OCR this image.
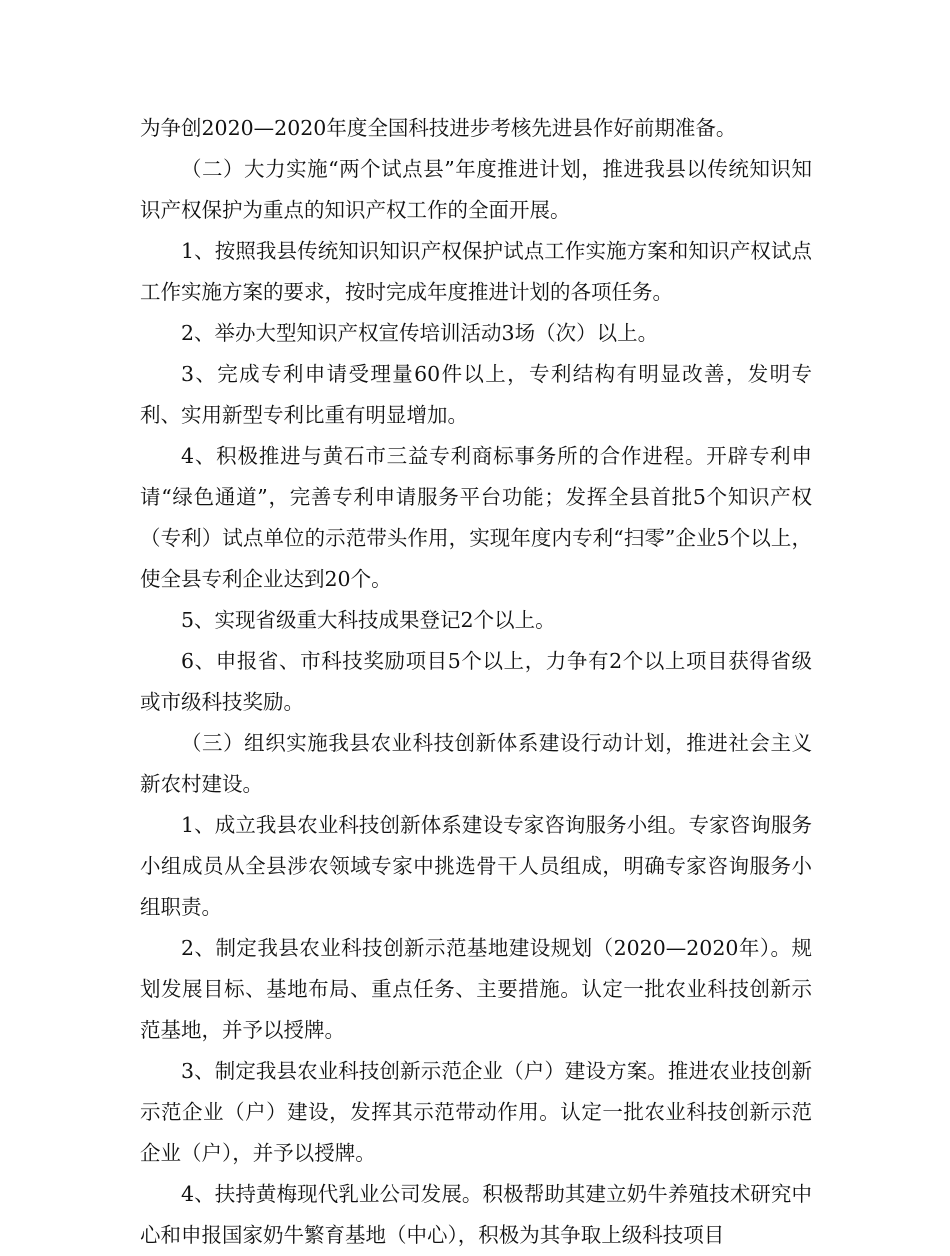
为争创2020—2020年度全国科技进步考核先进县作好前期准备。

（二）大力实施“两个试点县”年度推进计划，推进我县以传统知识知识产权保护为重点的知识产权工作的全面开展。

1、按照我县传统知识知识产权保护试点工作实施方案和知识产权试点工作实施方案的要求，按时完成年度推进计划的各项任务。

2、举办大型知识产权宣传培训活动3场（次）以上。

3、完成专利申请受理量60件以上，专利结构有明显改善，发明专利、实用新型专利比重有明显增加。

4、积极推进与黄石市三益专利商标事务所的合作进程。开辟专利申请“绿色通道”，完善专利申请服务平台功能；发挥全县首批5个知识产权（专利）试点单位的示范带头作用，实现年度内专利“扫零”企业5个以上，使全县专利企业达到20个。

5、实现省级重大科技成果登记2个以上。

6、申报省、市科技奖励项目5个以上，力争有2个以上项目获得省级或市级科技奖励。

（三）组织实施我县农业科技创新体系建设行动计划，推进社会主义新农村建设。

1、成立我县农业科技创新体系建设专家咨询服务小组。专家咨询服务小组成员从全县涉农领域专家中挑选骨干人员组成，明确专家咨询服务小组职责。

2、制定我县农业科技创新示范基地建设规划（2020—2020年）。规划发展目标、基地布局、重点任务、主要措施。认定一批农业科技创新示范基地，并予以授牌。

3、制定我县农业科技创新示范企业（户）建设方案。推进农业技创新示范企业（户）建设，发挥其示范带动作用。认定一批农业科技创新示范企业（户），并予以授牌。

4、扶持黄梅现代乳业公司发展。积极帮助其建立奶牛养殖技术研究中心和申报国家奶牛繁育基地（中心），积极为其争取上级科技项目
